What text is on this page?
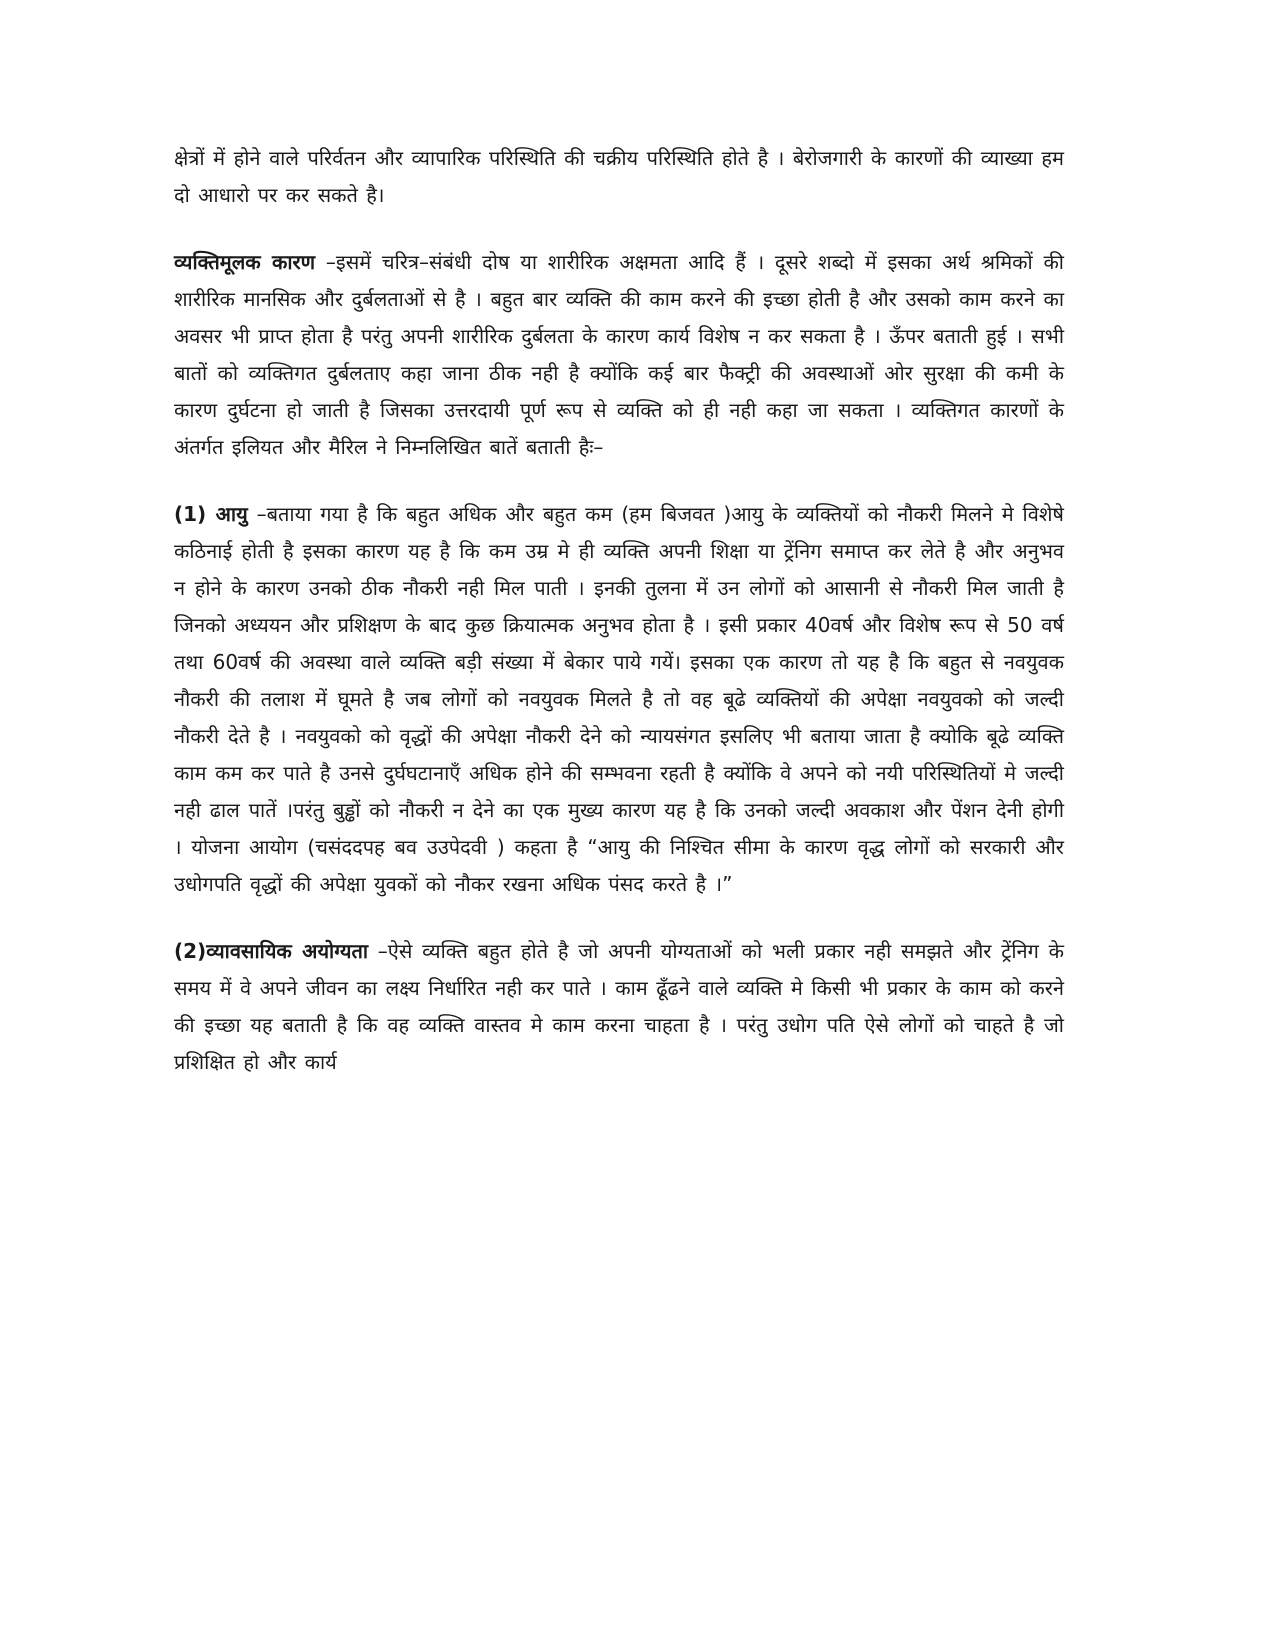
क्षेत्रों में होने वाले परिर्वतन और व्यापारिक परिस्थिति की चक्रीय परिस्थिति होते है । बेरोजगारी के कारणों की व्याख्या हम दो आधारो पर कर सकते है।

व्यक्तिमूलक कारण –इसमें चरित्र–संबंधी दोष या शारीरिक अक्षमता आदि हैं । दूसरे शब्दो में इसका अर्थ श्रमिकों की शारीरिक मानसिक और दुर्बलताओं से है । बहुत बार व्यक्ति की काम करने की इच्छा होती है और उसको काम करने का अवसर भी प्राप्त होता है परंतु अपनी शारीरिक दुर्बलता के कारण कार्य विशेष न कर सकता है । ऊँपर बताती हुई । सभी बातों को व्यक्तिगत दुर्बलताए कहा जाना ठीक नही है क्योंकि कई बार फैक्ट्री की अवस्थाओं ओर सुरक्षा की कमी के कारण दुर्घटना हो जाती है जिसका उत्तरदायी पूर्ण रूप से व्यक्ति को ही नही कहा जा सकता । व्यक्तिगत कारणों के अंतर्गत इलियत और मैरिल ने निम्नलिखित बातें बताती हैः–

(1) आयु –बताया गया है कि बहुत अधिक और बहुत कम (हम बिजवत )आयु के व्यक्तियों को नौकरी मिलने मे विशेषे कठिनाई होती है इसका कारण यह है कि कम उम्र मे ही व्यक्ति अपनी शिक्षा या ट्रेंनिग समाप्त कर लेते है और अनुभव न होने के कारण उनको ठीक नौकरी नही मिल पाती । इनकी तुलना में उन लोगों को आसानी से नौकरी मिल जाती है जिनको अध्ययन और प्रशिक्षण के बाद कुछ क्रियात्मक अनुभव होता है । इसी प्रकार 40वर्ष और विशेष रूप से 50 वर्ष तथा 60वर्ष की अवस्था वाले व्यक्ति बड़ी संख्या में बेकार पाये गयें। इसका एक कारण तो यह है कि बहुत से नवयुवक नौकरी की तलाश में घूमते है जब लोगों को नवयुवक मिलते है तो वह बूढे व्यक्तियों की अपेक्षा नवयुवको को जल्दी नौकरी देते है । नवयुवको को वृद्धों की अपेक्षा नौकरी देने को न्यायसंगत इसलिए भी बताया जाता है क्योकि बूढे व्यक्ति काम कम कर पाते है उनसे दुर्घघटानाएँ अधिक होने की सम्भवना रहती है क्योंकि वे अपने को नयी परिस्थितियों मे जल्दी नही ढाल पातें ।परंतु बुड्ढों को नौकरी न देने का एक मुख्य कारण यह है कि उनको जल्दी अवकाश और पेंशन देनी होगी । योजना आयोग (चसंददपह बव उउपेदवी ) कहता है “आयु की निश्चित सीमा के कारण वृद्ध लोगों को सरकारी और उधोगपति वृद्धों की अपेक्षा युवकों को नौकर रखना अधिक पंसद करते है ।”

(2)व्यावसायिक अयोग्यता –ऐसे व्यक्ति बहुत होते है जो अपनी योग्यताओं को भली प्रकार नही समझते और ट्रेंनिग के समय में वे अपने जीवन का लक्ष्य निर्धारित नही कर पाते । काम ढूँढने वाले व्यक्ति मे किसी भी प्रकार के काम को करने की इच्छा यह बताती है कि वह व्यक्ति वास्तव मे काम करना चाहता है । परंतु उधोग पति ऐसे लोगों को चाहते है जो प्रशिक्षित हो और कार्य
